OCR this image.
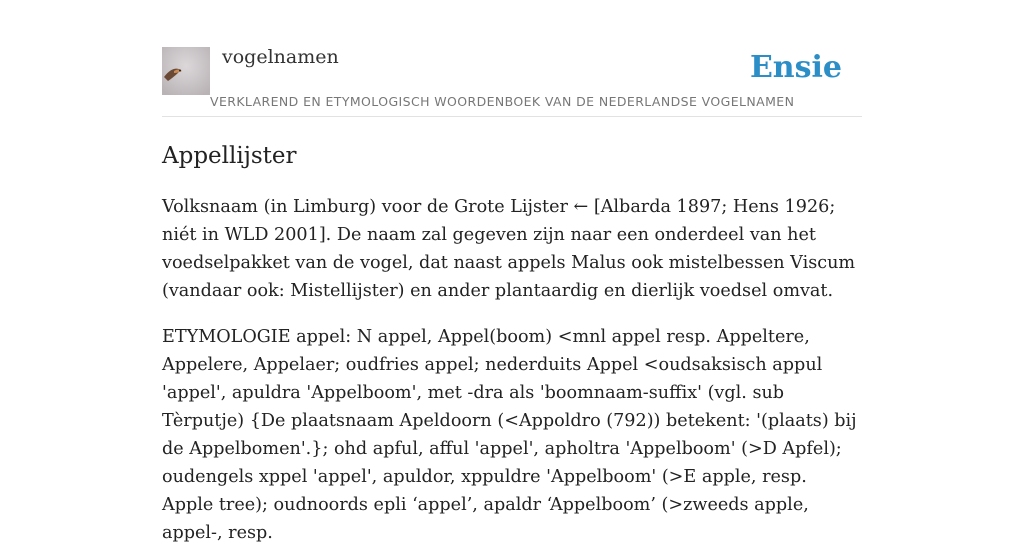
vogelnamen	Ensie
VERKLAREND EN ETYMOLOGISCH WOORDENBOEK VAN DE NEDERLANDSE VOGELNAMEN
Appellijster

Volksnaam (in Limburg) voor de Grote Lijster ← [Albarda 1897; Hens 1926; niét in WLD 2001]. De naam zal gegeven zijn naar een onderdeel van het voedselpakket van de vogel, dat naast appels Malus ook mistelbessen Viscum (vandaar ook: Mistellijster) en ander plantaardig en dierlijk voedsel omvat.

ETYMOLOGIE appel: N appel, Appel(boom) <mnl appel resp. Appeltere, Appelere, Appelaer; oudfries appel; nederduits Appel <oudsaksisch appul 'appel', apuldra 'Appelboom', met -dra als 'boomnaam-suffix' (vgl. sub Tèrputje) {De plaatsnaam Apeldoorn (<Appoldro (792)) betekent: '(plaats) bij de Appelbomen'.}; ohd apful, afful 'appel', apholtra 'Appelboom' (>D Apfel); oudengels xppel 'appel', apuldor, xppuldre 'Appelboom' (>E apple, resp. Apple tree); oudnoords epli ‘appel’, apaldr ‘Appelboom’ (>zweeds apple, appel-, resp.
